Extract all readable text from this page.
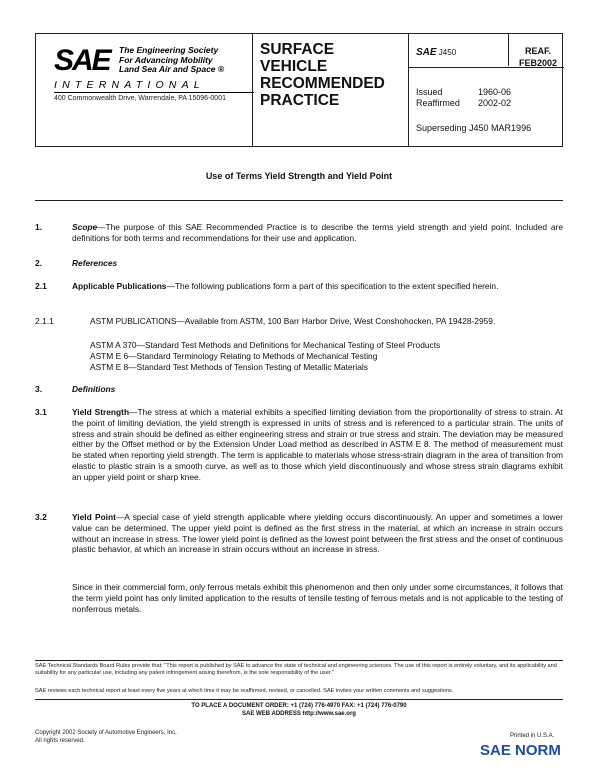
SAE The Engineering Society
For Advancing Mobility
Land Sea Air and Space ®
INTERNATIONAL
400 Commonwealth Drive, Warrendale, PA 15096-0001
SURFACE
VEHICLE
RECOMMENDED
PRACTICE
SAE J450	REAF.
FEB2002
Issued	1960-06
Reaffirmed 2002-02
Superseding J450 MAR1996
Use of Terms Yield Strength and Yield Point
1.	Scope—The purpose of this SAE Recommended Practice is to describe the terms yield strength and yield point. Included are definitions for both terms and recommendations for their use and application.
2.	References
2.1	Applicable Publications—The following publications form a part of this specification to the extent specified herein.
2.1.1	ASTM PUBLICATIONS—Available from ASTM, 100 Barr Harbor Drive, West Conshohocken, PA 19428-2959.
ASTM A 370—Standard Test Methods and Definitions for Mechanical Testing of Steel Products
ASTM E 6—Standard Terminology Relating to Methods of Mechanical Testing
ASTM E 8—Standard Test Methods of Tension Testing of Metallic Materials
3.	Definitions
3.1	Yield Strength—The stress at which a material exhibits a specified limiting deviation from the proportionality of stress to strain. At the point of limiting deviation, the yield strength is expressed in units of stress and is referenced to a particular strain. The units of stress and strain should be defined as either engineering stress and strain or true stress and strain. The deviation may be measured either by the Offset method or by the Extension Under Load method as described in ASTM E 8. The method of measurement must be stated when reporting yield strength. The term is applicable to materials whose stress-strain diagram in the area of transition from elastic to plastic strain is a smooth curve, as well as to those which yield discontinuously and whose stress strain diagrams exhibit an upper yield point or sharp knee.
3.2	Yield Point—A special case of yield strength applicable where yielding occurs discontinuously. An upper and sometimes a lower value can be determined. The upper yield point is defined as the first stress in the material, at which an increase in strain occurs without an increase in stress. The lower yield point is defined as the lowest point between the first stress and the onset of continuous plastic behavior, at which an increase in strain occurs without an increase in stress.
Since in their commercial form, only ferrous metals exhibit this phenomenon and then only under some circumstances, it follows that the term yield point has only limited application to the results of tensile testing of ferrous metals and is not applicable to the testing of nonferrous metals.
SAE Technical Standards Board Rules provide that: "This report is published by SAE to advance the state of technical and engineering sciences. The use of this report is entirely voluntary, and its applicability and suitability for any particular use, including any patent infringement arising therefrom, is the sole responsibility of the user."
SAE reviews each technical report at least every five years at which time it may be reaffirmed, revised, or cancelled. SAE invites your written comments and suggestions.
TO PLACE A DOCUMENT ORDER: +1 (724) 776-4970 FAX: +1 (724) 776-0790
SAE WEB ADDRESS http://www.sae.org
Copyright 2002 Society of Automotive Engineers, Inc.
All rights reserved.
Printed in U.S.A.
SAE NORM
